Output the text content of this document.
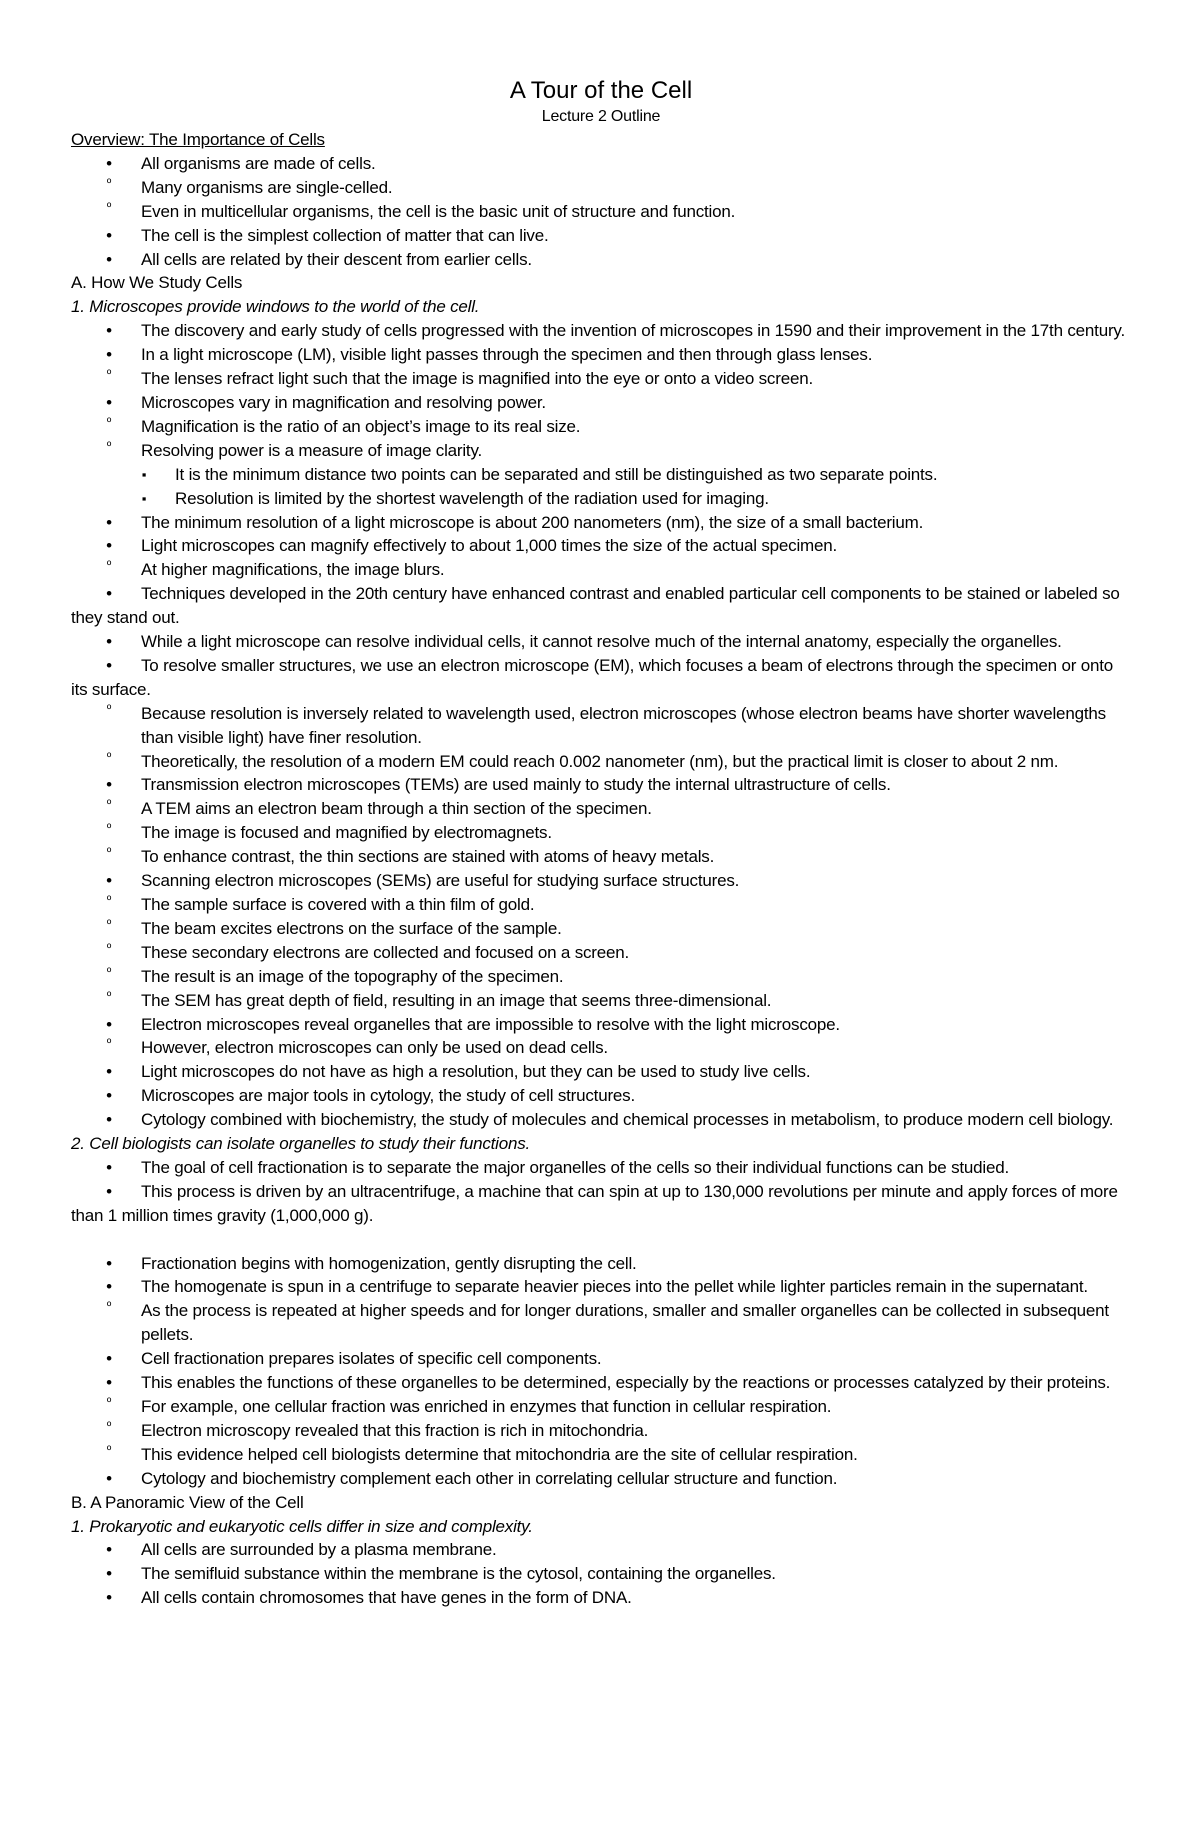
A Tour of the Cell
Lecture 2 Outline
Overview: The Importance of Cells
• All organisms are made of cells.
º Many organisms are single-celled.
º Even in multicellular organisms, the cell is the basic unit of structure and function.
• The cell is the simplest collection of matter that can live.
• All cells are related by their descent from earlier cells.
A. How We Study Cells
1. Microscopes provide windows to the world of the cell.
• The discovery and early study of cells progressed with the invention of microscopes in 1590 and their improvement in the 17th century.
• In a light microscope (LM), visible light passes through the specimen and then through glass lenses.
º The lenses refract light such that the image is magnified into the eye or onto a video screen.
• Microscopes vary in magnification and resolving power.
º Magnification is the ratio of an object’s image to its real size.
º Resolving power is a measure of image clarity.
▪ It is the minimum distance two points can be separated and still be distinguished as two separate points.
▪ Resolution is limited by the shortest wavelength of the radiation used for imaging.
• The minimum resolution of a light microscope is about 200 nanometers (nm), the size of a small bacterium.
• Light microscopes can magnify effectively to about 1,000 times the size of the actual specimen.
º At higher magnifications, the image blurs.
• Techniques developed in the 20th century have enhanced contrast and enabled particular cell components to be stained or labeled so they stand out.
• While a light microscope can resolve individual cells, it cannot resolve much of the internal anatomy, especially the organelles.
• To resolve smaller structures, we use an electron microscope (EM), which focuses a beam of electrons through the specimen or onto its surface.
º Because resolution is inversely related to wavelength used, electron microscopes (whose electron beams have shorter wavelengths than visible light) have finer resolution.
º Theoretically, the resolution of a modern EM could reach 0.002 nanometer (nm), but the practical limit is closer to about 2 nm.
• Transmission electron microscopes (TEMs) are used mainly to study the internal ultrastructure of cells.
º A TEM aims an electron beam through a thin section of the specimen.
º The image is focused and magnified by electromagnets.
º To enhance contrast, the thin sections are stained with atoms of heavy metals.
• Scanning electron microscopes (SEMs) are useful for studying surface structures.
º The sample surface is covered with a thin film of gold.
º The beam excites electrons on the surface of the sample.
º These secondary electrons are collected and focused on a screen.
º The result is an image of the topography of the specimen.
º The SEM has great depth of field, resulting in an image that seems three-dimensional.
• Electron microscopes reveal organelles that are impossible to resolve with the light microscope.
º However, electron microscopes can only be used on dead cells.
• Light microscopes do not have as high a resolution, but they can be used to study live cells.
• Microscopes are major tools in cytology, the study of cell structures.
• Cytology combined with biochemistry, the study of molecules and chemical processes in metabolism, to produce modern cell biology.
2. Cell biologists can isolate organelles to study their functions.
• The goal of cell fractionation is to separate the major organelles of the cells so their individual functions can be studied.
• This process is driven by an ultracentrifuge, a machine that can spin at up to 130,000 revolutions per minute and apply forces of more than 1 million times gravity (1,000,000 g).
• Fractionation begins with homogenization, gently disrupting the cell.
• The homogenate is spun in a centrifuge to separate heavier pieces into the pellet while lighter particles remain in the supernatant.
º As the process is repeated at higher speeds and for longer durations, smaller and smaller organelles can be collected in subsequent pellets.
• Cell fractionation prepares isolates of specific cell components.
• This enables the functions of these organelles to be determined, especially by the reactions or processes catalyzed by their proteins.
º For example, one cellular fraction was enriched in enzymes that function in cellular respiration.
º Electron microscopy revealed that this fraction is rich in mitochondria.
º This evidence helped cell biologists determine that mitochondria are the site of cellular respiration.
• Cytology and biochemistry complement each other in correlating cellular structure and function.
B. A Panoramic View of the Cell
1. Prokaryotic and eukaryotic cells differ in size and complexity.
• All cells are surrounded by a plasma membrane.
• The semifluid substance within the membrane is the cytosol, containing the organelles.
• All cells contain chromosomes that have genes in the form of DNA.
